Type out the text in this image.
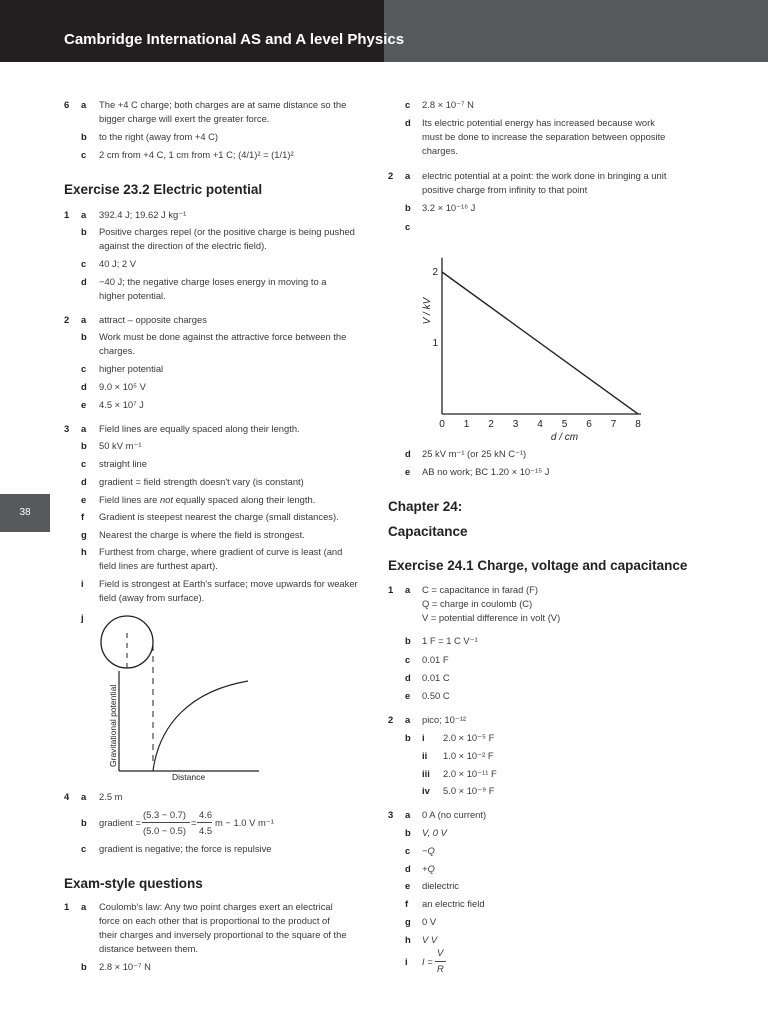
Cambridge International AS and A level Physics
38
6 a The +4 C charge; both charges are at same distance so the
bigger charge will exert the greater force.
b to the right (away from +4 C)
c 2 cm from +4 C, 1 cm from +1 C; (4/1)² = (1/1)²
Exercise 23.2 Electric potential
1 a 392.4 J; 19.62 J kg⁻¹
b Positive charges repel (or the positive charge is being pushed
against the direction of the electric field).
c 40 J; 2 V
d −40 J; the negative charge loses energy in moving to a
higher potential.
2 a attract – opposite charges
b Work must be done against the attractive force between the
charges.
c higher potential
d 9.0 × 10⁵ V
e 4.5 × 10⁷ J
3 a Field lines are equally spaced along their length.
b 50 kV m⁻¹
c straight line
d gradient = field strength doesn't vary (is constant)
e Field lines are not equally spaced along their length.
f Gradient is steepest nearest the charge (small distances).
g Nearest the charge is where the field is strongest.
h Furthest from charge, where gradient of curve is least (and
field lines are furthest apart).
i Field is strongest at Earth's surface; move upwards for weaker
field (away from surface).
j
Gravitational potential
Distance
4 a 2.5 m
b gradient =
(5.3 − 0.7)
(5.0 − 0.5)
=
4.6
4.5
m − 1.0 V m⁻¹
c gradient is negative; the force is repulsive
Exam-style questions
1 a Coulomb's law: Any two point charges exert an electrical
force on each other that is proportional to the product of
their charges and inversely proportional to the square of the
distance between them.
b 2.8 × 10⁻⁷ N
c 2.8 × 10⁻⁷ N
d Its electric potential energy has increased because work
must be done to increase the separation between opposite
charges.
2 a electric potential at a point: the work done in bringing a unit
positive charge from infinity to that point
b 3.2 × 10⁻¹⁶ J
c
0 1 2 3 4 5 6 7 8
1
2
d / cm
V / kV
d 25 kV m⁻¹ (or 25 kN C⁻¹)
e AB no work; BC 1.20 × 10⁻¹⁵ J
Chapter 24:
Capacitance
Exercise 24.1 Charge, voltage and capacitance
1 a C = capacitance in farad (F)
Q = charge in coulomb (C)
V = potential difference in volt (V)
b 1 F = 1 C V⁻¹
c 0.01 F
d 0.01 C
e 0.50 C
2 a pico; 10⁻¹²
b i 2.0 × 10⁻⁵ F
ii 1.0 × 10⁻² F
iii 2.0 × 10⁻¹¹ F
iv 5.0 × 10⁻⁹ F
3 a 0 A (no current)
b V, 0 V
c −Q
d +Q
e dielectric
f an electric field
g 0 V
h V V
i I =
V
R
